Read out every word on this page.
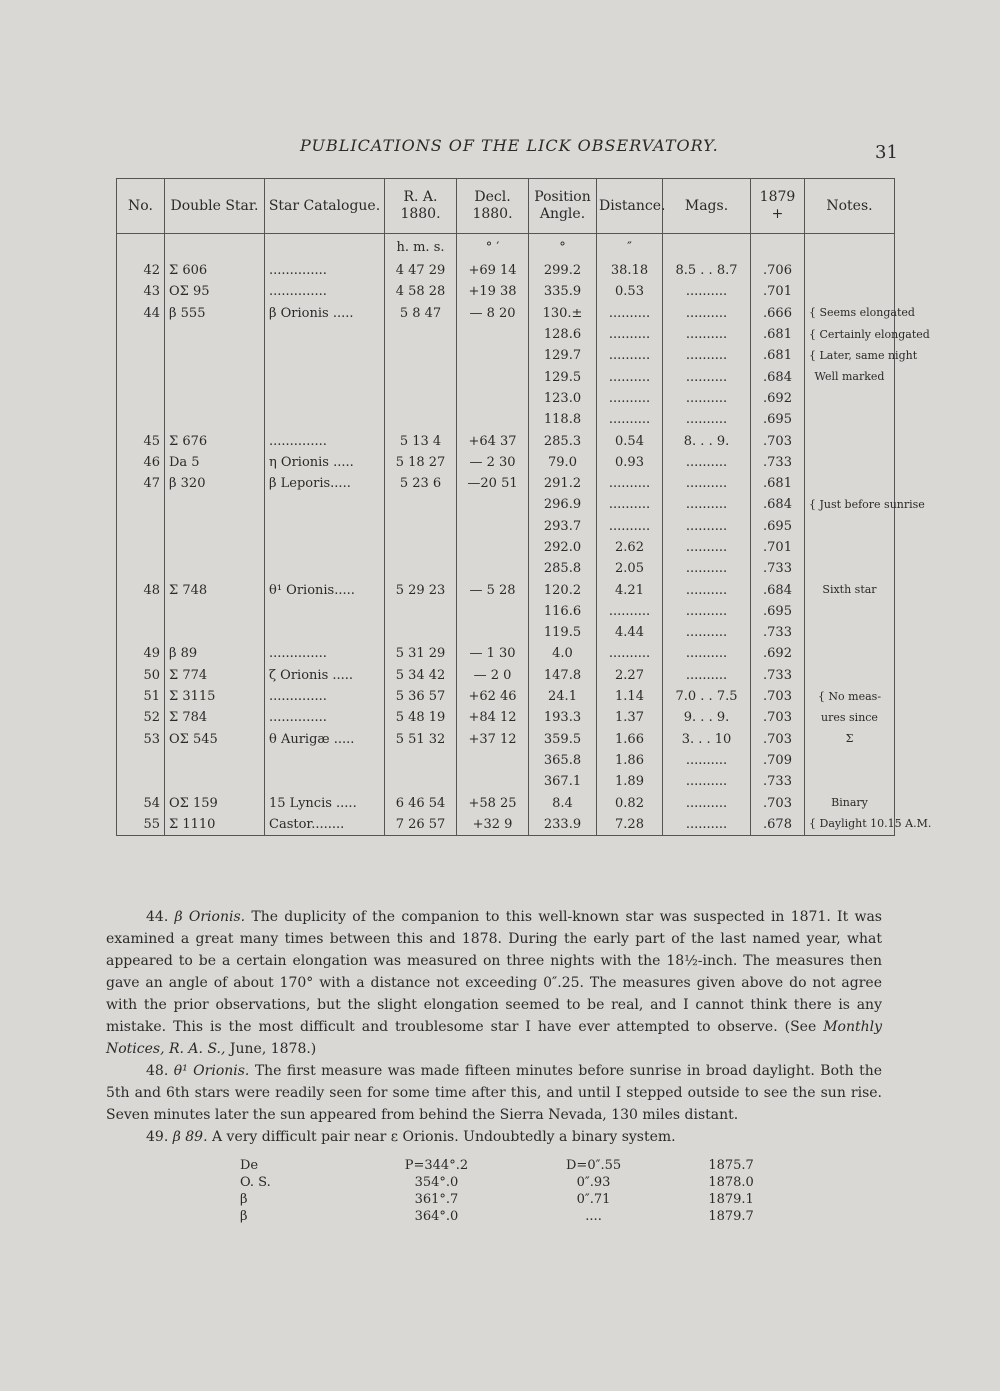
PUBLICATIONS OF THE LICK OBSERVATORY.	31
No.	Double Star.	Star Catalogue.	R. A. 1880.	Decl. 1880.	Position Angle.	Distance.	Mags.	1879 +	Notes.
			h. m. s.	° ′	°	″			
42	Σ 606	..............	4 47 29	+69 14	299.2	38.18	8.5 . . 8.7	.706	
43	OΣ 95	..............	4 58 28	+19 38	335.9	0.53	..........	.701	
44	β 555	β Orionis .....	5 8 47	— 8 20	130.±	..........	..........	.666	{ Seems elongated
					128.6	..........	..........	.681	{ Certainly elongated
					129.7	..........	..........	.681	{ Later, same night
					129.5	..........	..........	.684	Well marked
					123.0	..........	..........	.692	
					118.8	..........	..........	.695	
45	Σ 676	..............	5 13 4	+64 37	285.3	0.54	8. . . 9.	.703	
46	Da 5	η Orionis .....	5 18 27	— 2 30	79.0	0.93	..........	.733	
47	β 320	β Leporis.....	5 23 6	—20 51	291.2	..........	..........	.681	
					296.9	..........	..........	.684	{ Just before sunrise
					293.7	..........	..........	.695	
					292.0	2.62	..........	.701	
					285.8	2.05	..........	.733	
48	Σ 748	θ¹ Orionis.....	5 29 23	— 5 28	120.2	4.21	..........	.684	Sixth star
					116.6	..........	..........	.695	
					119.5	4.44	..........	.733	
49	β 89	..............	5 31 29	— 1 30	4.0	..........	..........	.692	
50	Σ 774	ζ Orionis .....	5 34 42	— 2 0	147.8	2.27	..........	.733	
51	Σ 3115	..............	5 36 57	+62 46	24.1	1.14	7.0 . . 7.5	.703	{ No meas-
52	Σ 784	..............	5 48 19	+84 12	193.3	1.37	9. . . 9.	.703	ures since
53	OΣ 545	θ Aurigæ .....	5 51 32	+37 12	359.5	1.66	3. . . 10	.703	Σ
					365.8	1.86	..........	.709	
					367.1	1.89	..........	.733	
54	OΣ 159	15 Lyncis .....	6 46 54	+58 25	8.4	0.82	..........	.703	Binary
55	Σ 1110	Castor........	7 26 57	+32 9	233.9	7.28	..........	.678	{ Daylight 10.15 A.M.

44. β Orionis. The duplicity of the companion to this well-known star was suspected in 1871. It was examined a great many times between this and 1878. During the early part of the last named year, what appeared to be a certain elongation was measured on three nights with the 18½-inch. The measures then gave an angle of about 170° with a distance not exceeding 0″.25. The measures given above do not agree with the prior observations, but the slight elongation seemed to be real, and I cannot think there is any mistake. This is the most difficult and troublesome star I have ever attempted to observe. (See Monthly Notices, R. A. S., June, 1878.)

48. θ¹ Orionis. The first measure was made fifteen minutes before sunrise in broad daylight. Both the 5th and 6th stars were readily seen for some time after this, and until I stepped outside to see the sun rise. Seven minutes later the sun appeared from behind the Sierra Nevada, 130 miles distant.

49. β 89. A very difficult pair near ε Orionis. Undoubtedly a binary system.

De	P=344°.2	D=0″.55	1875.7
O. S.	354°.0	0″.93	1878.0
β	361°.7	0″.71	1879.1
β	364°.0	....	1879.7
